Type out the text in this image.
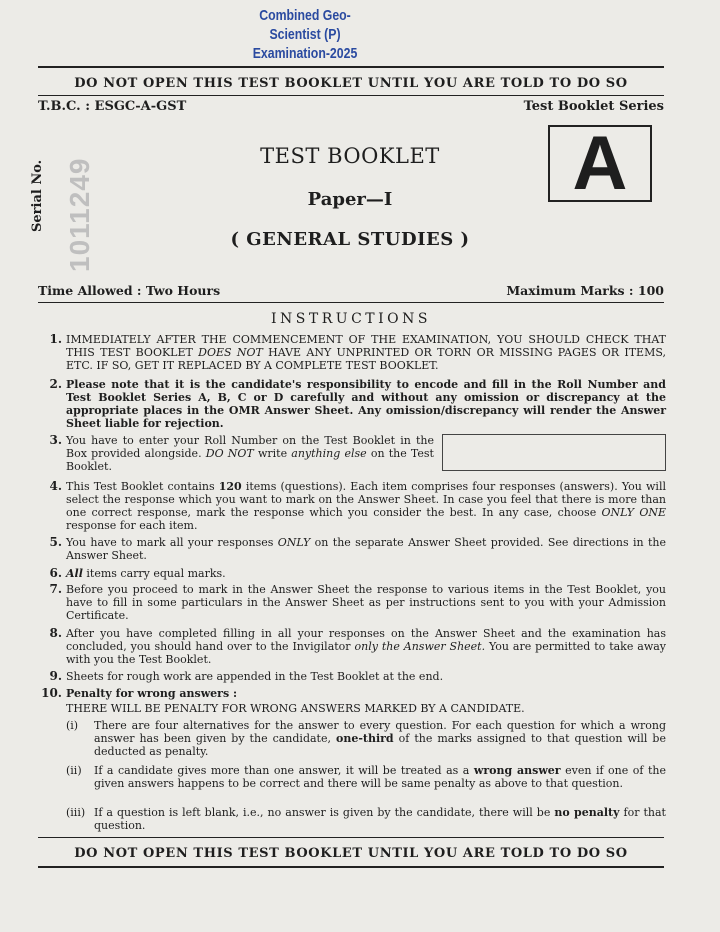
Combined Geo-Scientist (P)
Examination-2025
DO NOT OPEN THIS TEST BOOKLET UNTIL YOU ARE TOLD TO DO SO
T.B.C. : ESGC-A-GST	Test Booklet Series
Serial No. 1011249
TEST BOOKLET
Paper—I
( GENERAL STUDIES )
A
Time Allowed : Two Hours	Maximum Marks : 100
INSTRUCTIONS
1. IMMEDIATELY AFTER THE COMMENCEMENT OF THE EXAMINATION, YOU SHOULD CHECK THAT THIS TEST BOOKLET DOES NOT HAVE ANY UNPRINTED OR TORN OR MISSING PAGES OR ITEMS, ETC. IF SO, GET IT REPLACED BY A COMPLETE TEST BOOKLET.
2. Please note that it is the candidate's responsibility to encode and fill in the Roll Number and Test Booklet Series A, B, C or D carefully and without any omission or discrepancy at the appropriate places in the OMR Answer Sheet. Any omission/discrepancy will render the Answer Sheet liable for rejection.
3. You have to enter your Roll Number on the Test Booklet in the Box provided alongside. DO NOT write anything else on the Test Booklet.
4. This Test Booklet contains 120 items (questions). Each item comprises four responses (answers). You will select the response which you want to mark on the Answer Sheet. In case you feel that there is more than one correct response, mark the response which you consider the best. In any case, choose ONLY ONE response for each item.
5. You have to mark all your responses ONLY on the separate Answer Sheet provided. See directions in the Answer Sheet.
6. All items carry equal marks.
7. Before you proceed to mark in the Answer Sheet the response to various items in the Test Booklet, you have to fill in some particulars in the Answer Sheet as per instructions sent to you with your Admission Certificate.
8. After you have completed filling in all your responses on the Answer Sheet and the examination has concluded, you should hand over to the Invigilator only the Answer Sheet. You are permitted to take away with you the Test Booklet.
9. Sheets for rough work are appended in the Test Booklet at the end.
10. Penalty for wrong answers :
THERE WILL BE PENALTY FOR WRONG ANSWERS MARKED BY A CANDIDATE.
(i)	There are four alternatives for the answer to every question. For each question for which a wrong answer has been given by the candidate, one-third of the marks assigned to that question will be deducted as penalty.
(ii)	If a candidate gives more than one answer, it will be treated as a wrong answer even if one of the given answers happens to be correct and there will be same penalty as above to that question.
(iii) If a question is left blank, i.e., no answer is given by the candidate, there will be no penalty for that question.
DO NOT OPEN THIS TEST BOOKLET UNTIL YOU ARE TOLD TO DO SO
